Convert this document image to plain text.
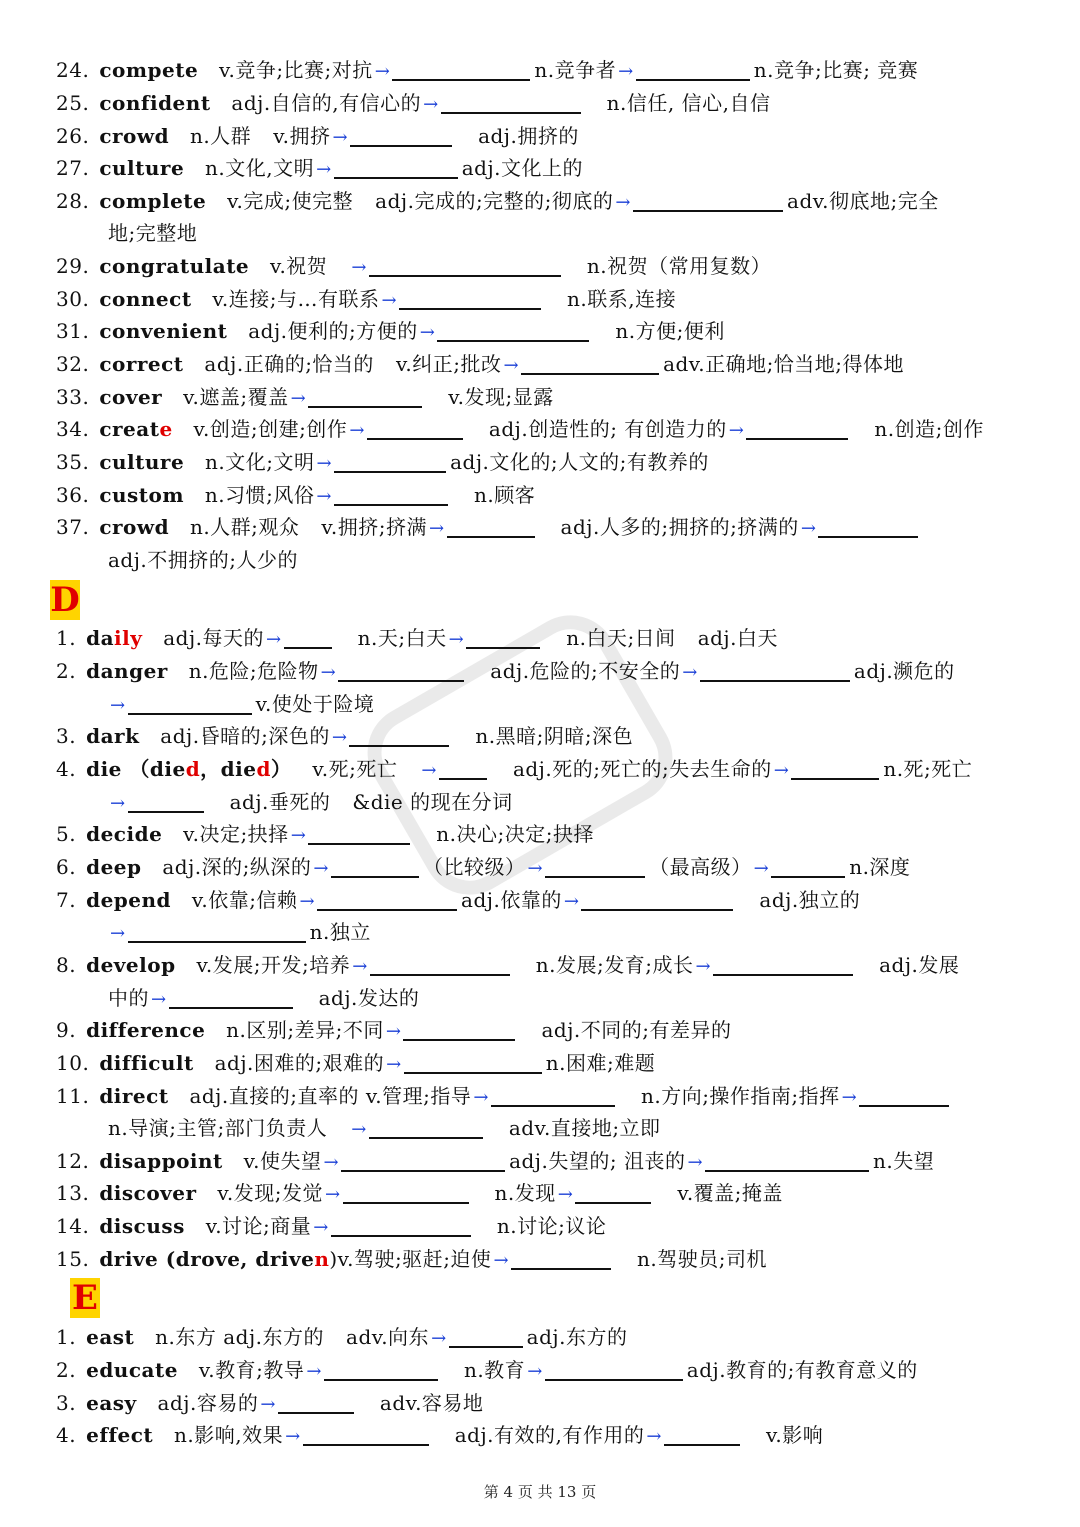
24. compete v.竞争;比赛;对抗 →	n.竞争者 →	n.竞争;比赛; 竞赛
25. confident adj.自信的,有信心的 →	n.信任, 信心,自信
26. crowd n.人群 v.拥挤 →	adj.拥挤的
27. culture n.文化,文明 →	adj.文化上的
28. complete v.完成;使完整 adj.完成的;完整的;彻底的 →	adv.彻底地;完全
地;完整地
29. congratulate v.祝贺 →	n.祝贺（常用复数）
30. connect v.连接;与…有联系 →	n.联系,连接
31. convenient adj.便利的;方便的 →	n.方便;便利
32. correct adj.正确的;恰当的 v.纠正;批改 →	adv.正确地;恰当地;得体地
33. cover v.遮盖;覆盖 →	v.发现;显露
34. create v.创造;创建;创作 →	adj.创造性的; 有创造力的 →	n.创造;创作
35. culture n.文化;文明 →	adj.文化的;人文的;有教养的
36. custom n.习惯;风俗 →	n.顾客
37. crowd n.人群;观众 v.拥挤;挤满 →	adj.人多的;拥挤的;挤满的 →
adj.不拥挤的;人少的
D
1. daily adj.每天的 →	n.天;白天 →	n.白天;日间 adj.白天
2. danger n.危险;危险物 →	adj.危险的;不安全的 →	adj.濒危的
→	v.使处于险境
3. dark adj.昏暗的;深色的 →	n.黑暗;阴暗;深色
4. die （died，died） v.死;死亡 →	adj.死的;死亡的;失去生命的 →	n.死;死亡
→	adj.垂死的 &die 的现在分词
5. decide v.决定;抉择 →	n.决心;决定;抉择
6. deep adj.深的;纵深的 →	（比较级） →	（最高级） →	n.深度
7. depend v.依靠;信赖 →	adj.依靠的 →	adj.独立的
→	n.独立
8. develop v.发展;开发;培养 →	n.发展;发育;成长 →	adj.发展
中的 →	adj.发达的
9. difference n.区别;差异;不同 →	adj.不同的;有差异的
10. difficult adj.困难的;艰难的 →	n.困难;难题
11. direct adj.直接的;直率的 v.管理;指导 →	n.方向;操作指南;指挥 →
n.导演;主管;部门负责人 →	adv.直接地;立即
12. disappoint v.使失望 →	adj.失望的; 沮丧的 →	n.失望
13. discover v.发现;发觉 →	n.发现 →	v.覆盖;掩盖
14. discuss v.讨论;商量 →	n.讨论;议论
15. drive (drove, driven)v.驾驶;驱赶;迫使 →	n.驾驶员;司机
E
1. east n.东方 adj.东方的 adv.向东 →	adj.东方的
2. educate v.教育;教导 →	n.教育 →	adj.教育的;有教育意义的
3. easy adj.容易的 →	adv.容易地
4. effect n.影响,效果 →	adj.有效的,有作用的 →	v.影响
第 4 页 共 13 页
